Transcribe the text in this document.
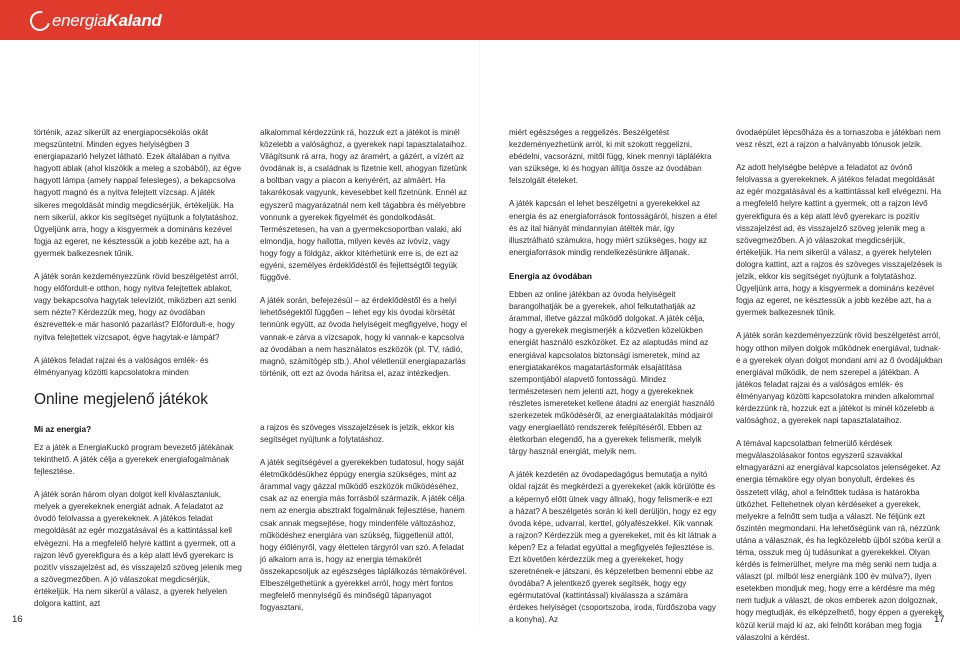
energia Kaland

történik, azaz sikerült az energiapocsékolás okát megszüntetni. Minden egyes helyiségben 3 energiapazarló helyzet látható. Ezek általában a nyitva hagyott ablak (ahol kiszökik a meleg a szobából), az égve hagyott lámpa (amely nappal felesleges), a bekapcsolva hagyott magnó és a nyitva felejtett vízcsap. A játék sikeres megoldását mindig megdicsérjük, értékeljük. Ha nem sikerül, akkor kis segítséget nyújtunk a folytatáshoz. Ügyeljünk arra, hogy a kisgyermek a domináns kezével fogja az egeret, ne késztessük a jobb kezébe azt, ha a gyermek balkezesnek tűnik.

A játék során kezdeményezzünk rövid beszélgetést arról, hogy előfordult-e otthon, hogy nyitva felejtettek ablakot, vagy bekapcsolva hagytak televíziót, miközben azt senki sem nézte? Kérdezzük meg, hogy az óvodában észrevettek-e már hasonló pazarlást? Előfordult-e, hogy nyitva felejtettek vízcsapot, égve hagytak-e lámpát?

A játékos feladat rajzai és a valóságos emlék- és élményanyag közötti kapcsolatokra minden

Online megjelenő játékok
Mi az energia?

Ez a játék a EnergiaKuckó program bevezető játékának tekinthető. A játék célja a gyerekek energiafogalmának fejlesztése.

A játék során három olyan dolgot kell kiválasztaniuk, melyek a gyerekeknek energiát adnak. A feladatot az óvodó felolvassa a gyerekeknek. A játékos feladat megoldását az egér mozgatásával és a kattintással kell elvégezni. Ha a megfelelő helyre kattint a gyermek, ott a rajzon lévő gyerekfigura és a kép alatt lévő gyerekarc is pozitív visszajelzést ad, és visszajelző szöveg jelenik meg a szövegmezőben. A jó válaszokat megdicsérjük, értékeljük. Ha nem sikerül a válasz, a gyerek helyelen dolgora kattint, azt

alkalommal kérdezzünk rá, hozzuk ezt a játékot is minél közelebb a valósághoz, a gyerekek napi tapasztalataihoz. Világítsunk rá arra, hogy az áramért, a gázért, a vízért az óvodának is, a családnak is fizetnie kell, ahogyan fizetünk a boltban vagy a piacon a kenyérért, az almáért. Ha takarékosak vagyunk, kevesebbet kell fizetnünk. Ennél az egyszerű magyarázatnál nem kell tágabbra és mélyebbre vonnunk a gyerekek figyelmét és gondolkodását. Természetesen, ha van a gyermekcsoportban valaki, aki elmondja, hogy hallotta, milyen kevés az ivóvíz, vagy hogy fogy a földgáz, akkor kitérhetünk erre is, de ezt az egyéni, személyes érdeklődéstől és fejlettségtől tegyük függővé.

A játék során, befejezésül – az érdeklődéstől és a helyi lehetőségektől függően – lehet egy kis óvodai körsétát tennünk együtt, az óvoda helyiségeit megfigyelve, hogy el vannak-e zárva a vízcsapok, hogy ki vannak-e kapcsolva az óvodában a nem használatos eszközök (pl. TV, rádió, magnó, számítógép stb.). Ahol véletlenül energiapazarlás történik, ott ezt az óvoda háritsa el, azaz intézkedjen.

a rajzos és szöveges visszajelzések is jelzik, ekkor kis segítséget nyújtunk a folytatáshoz.

A játék segítségével a gyerekekben tudatosul, hogy saját életműködésükhez éppúgy energia szükséges, mint az árammal vagy gázzal működő eszközök működéséhez, csak az az energia más forrásból származik. A játék célja nem az energia absztrakt fogalmának fejlesztése, hanem csak annak megsejtése, hogy mindenféle változáshoz, működéshez energiára van szükség, függetlenül attól, hogy élőlényről, vagy élettelen tárgyról van szó. A feladat jó alkalom arra is, hogy az energia témakörét összekapcsoljuk az egészséges táplálkozás témakörével. Elbeszélgethetünk a gyerekkel arról, hogy mért fontos megfelelő mennyiségű és minőségű tápanyagot fogyasztani,

miért egészséges a reggelizés. Beszélgetést kezdeményezhetünk arról, ki mit szokott reggelizni, ebédelni, vacsorázni, mitől függ, kinek mennyi táplálékra van szüksége, ki és hogyan állítja össze az óvodában felszolgált ételeket.

A játék kapcsán el lehet beszélgetni a gyerekekkel az energia és az energiaforrások fontosságáról, hiszen a étel és az ital hiányát mindannyian átélték már, így illusztrálható számukra, hogy miért szükséges, hogy az energiaforrások mindig rendelkezésünkre álljanak.

Energia az óvodában

Ebben az online játékban az óvoda helyiségeit barangolhatják be a gyerekek, ahol felkutathatják az árammal, illetve gázzal működő dolgokat. A játék célja, hogy a gyerekek megismerjék a közvetlen közelükben energiát használó eszközöket. Ez az alaptudás mind az energiával kapcsolatos biztonsági ismeretek, mind az energiatakarékos magatartásformák elsajátítása szempontjából alapvető fontosságú. Mindez természetesen nem jelenti azt, hogy a gyerekeknek részletes ismereteket kellene átadni az energiát használó szerkezetek működéséről, az energiaátalakítás módjairól vagy energiaellátó rendszerek felépítéséről. Ebben az életkorban elegendő, ha a gyerekek felismerik, melyik tárgy használ energiát, melyik nem.

A játék kezdetén az óvodapedagógus bemutatja a nyitó oldal rajzát és megkérdezi a gyerekeket (akik körülötte és a képernyő előtt ülnek vagy állnak), hogy felismerik-e ezt a házat? A beszélgetés során ki kell derüljön, hogy ez egy óvoda képe, udvarral, kerttel, gólyafészekkel. Kik vannak a rajzon? Kérdezzük meg a gyerekeket, mit és kit látnak a képen? Ez a feladat egyúttal a megfigyelés fejlesztése is. Ezt követően kérdezzük meg a gyerekeket, hogy szeretnének-e játszani, és képzeletben bemenni ebbe az óvodába? A jelentkező gyerek segítsék, hogy egy egérmutatóval (kattintással) kiválassza a számára érdekes helyiséget (csoportszoba, iroda, fürdőszoba vagy a konyha). Az

óvodaépület lépcsőháza és a tornaszoba e játékban nem vesz részt, ezt a rajzon a halványabb tónusok jelzik.

Az adott helyiségbe belépve a feladatot az óvónő felolvassa a gyerekeknek. A játékos feladat megoldását az egér mozgatásával és a kattintással kell elvégezni. Ha a megfelelő helyre kattint a gyermek, ott a rajzon lévő gyerekfigura és a kép alatt lévő gyerekarc is pozitív visszajelzést ad, és visszajelző szöveg jelenik meg a szövegmezőben. A jó válaszokat megdicsérjük, értékeljük. Ha nem sikerül a válasz, a gyerek helytelen dologra kattint, azt a rajzos és szöveges visszajelzések is jelzik, ekkor kis segítséget nyújtunk a folytatáshoz. Ügyeljünk arra, hogy a kisgyermek a domináns kezével fogja az egeret, ne késztessük a jobb kezébe azt, ha a gyermek balkezesnek tűnik.

A játék során kezdeményezzünk rövid beszélgetést arról, hogy otthon milyen dolgok működnek energiával, tudnak-e a gyerekek olyan dolgot mondani ami az ő óvodájukban energiával működik, de nem szerepel a játékban. A játékos feladat rajzai és a valóságos emlék- és élményanyag közötti kapcsolatokra minden alkalommal kérdezzünk rá, hozzuk ezt a játékot is minél közelebb a valósághoz, a gyerekek napi tapasztalataihoz.

A témával kapcsolatban felmerülő kérdések megválaszolásakor fontos egyszerű szavakkal elmagyarázni az energiával kapcsolatos jelenségeket. Az energia témaköre egy olyan bonyolult, érdekes és összetett világ, ahol a felnőttek tudása is határokba ütközhet. Feltehetnek olyan kérdéseket a gyerekek, melyekre a felnőtt sem tudja a választ. Ne féljünk ezt őszintén megmondani. Ha lehetőségünk van rá, nézzünk utána a válasznak, és ha legközelebb újból szóba kerül a téma, osszuk meg új tudásunkat a gyerekekkel. Olyan kérdés is felmerülhet, melyre ma még senki nem tudja a választ (pl. milból lesz energiánk 100 év múlva?), ilyen esetekben mondjuk meg, hogy erre a kérdésre ma még nem tudjuk a választ, de okos emberek azon dolgoznak, hogy megtudják, és elképzelhető, hogy éppen a gyerekek közül kerül majd ki az, aki felnőtt korában meg fogja válaszolni a kérdést.

16	17
